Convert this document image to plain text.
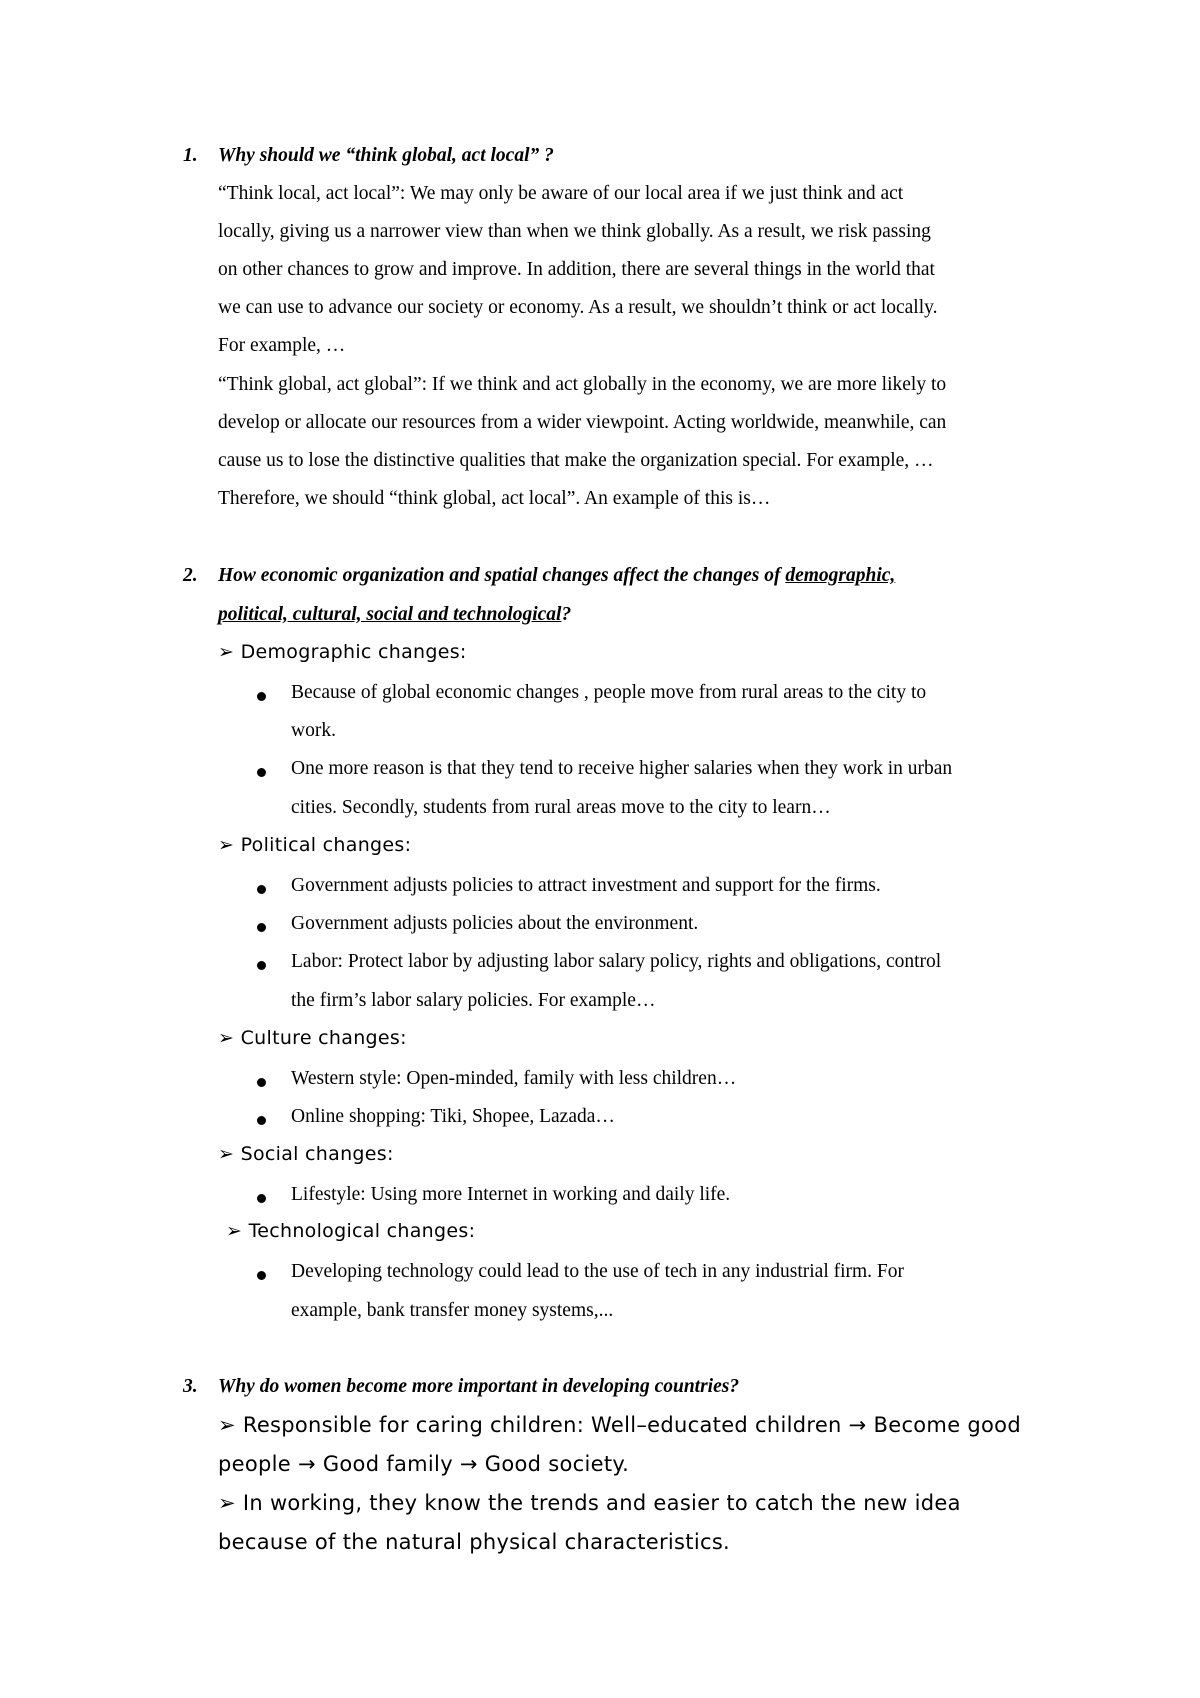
1. Why should we “think global, act local” ?
“Think local, act local”: We may only be aware of our local area if we just think and act
locally, giving us a narrower view than when we think globally. As a result, we risk passing
on other chances to grow and improve. In addition, there are several things in the world that
we can use to advance our society or economy. As a result, we shouldn’t think or act locally.
For example, …
“Think global, act global”: If we think and act globally in the economy, we are more likely to
develop or allocate our resources from a wider viewpoint. Acting worldwide, meanwhile, can
cause us to lose the distinctive qualities that make the organization special. For example, …
Therefore, we should “think global, act local”. An example of this is…
2. How economic organization and spatial changes affect the changes of demographic,
political, cultural, social and technological?
➢ Demographic changes:
Because of global economic changes , people move from rural areas to the city to
work.
One more reason is that they tend to receive higher salaries when they work in urban
cities. Secondly, students from rural areas move to the city to learn…
➢ Political changes:
Government adjusts policies to attract investment and support for the firms.
Government adjusts policies about the environment.
Labor: Protect labor by adjusting labor salary policy, rights and obligations, control
the firm’s labor salary policies. For example…
➢ Culture changes:
Western style: Open-minded, family with less children…
Online shopping: Tiki, Shopee, Lazada…
➢ Social changes:
Lifestyle: Using more Internet in working and daily life.
➢ Technological changes:
Developing technology could lead to the use of tech in any industrial firm. For
example, bank transfer money systems,...
3. Why do women become more important in developing countries?
➢ Responsible for caring children: Well–educated children → Become good
people → Good family → Good society.
➢ In working, they know the trends and easier to catch the new idea
because of the natural physical characteristics.
